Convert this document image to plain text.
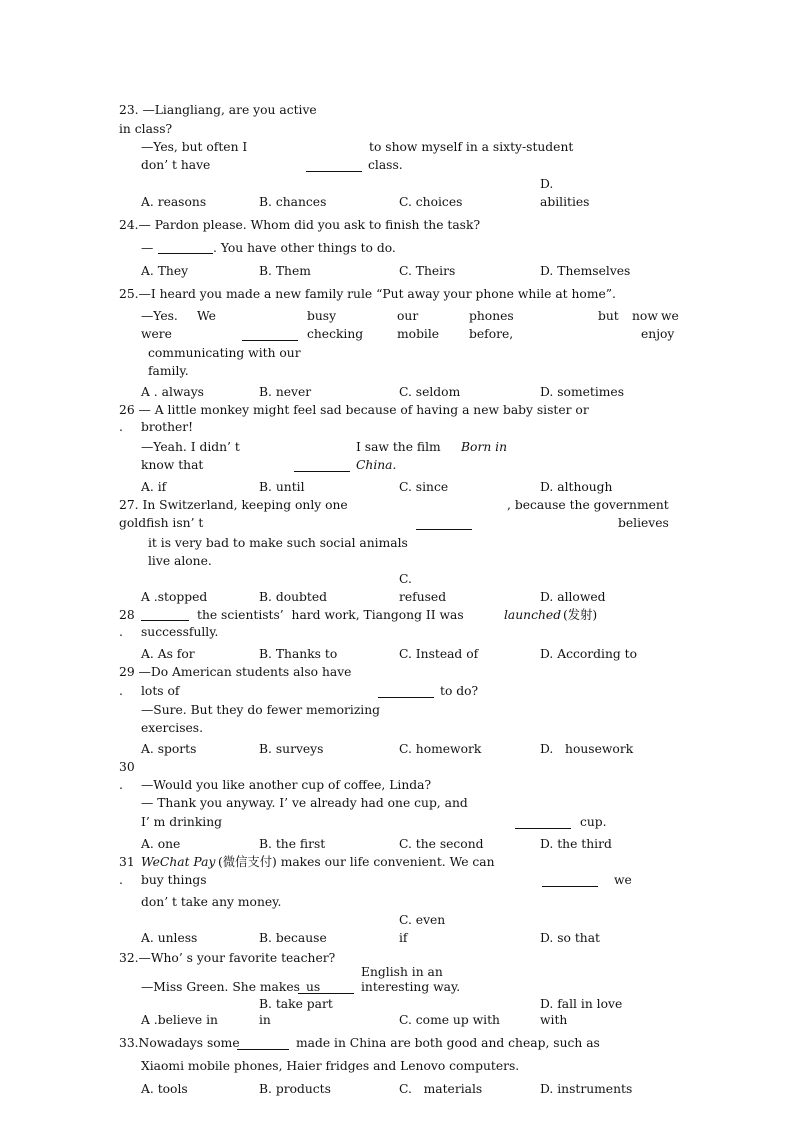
23. —Liangliang, are you active
in class?
—Yes, but often I	to show myself in a sixty-student
don’ t have	class.
D.
A. reasons	B. chances	C. choices	abilities
24.— Pardon please. Whom did you ask to finish the task?
—	. You have other things to do.
A. They	B. Them	C. Theirs	D. Themselves
25.—I heard you made a new family rule “Put away your phone while at home”.
—Yes. We	busy	our	phones	but now we
were	checking	mobile before,	enjoy
communicating with our
family.
A . always	B. never	C. seldom	D. sometimes
26 — A little monkey might feel sad because of having a new baby sister or
. brother!
—Yeah. I didn’ t	I saw the film Born in
know that	China.
A. if	B. until	C. since	D. although
27. In Switzerland, keeping only one	, because the government
goldfish isn’ t	believes
it is very bad to make such social animals
live alone.
C.
A .stopped	B. doubted	refused	D. allowed
28	the scientists’  hard work, Tiangong II was	launched (发射)
. successfully.
A. As for	B. Thanks to	C. Instead of	D. According to
29 —Do American students also have
. lots of	to do?
—Sure. But they do fewer memorizing
exercises.
A. sports	B. surveys	C. homework	D.   housework
30
. —Would you like another cup of coffee, Linda?
— Thank you anyway. I’ ve already had one cup, and
I’ m drinking	cup.
A. one	B. the first	C. the second	D. the third
31 WeChat Pay (微信支付) makes our life convenient. We can
. buy things	we
don’ t take any money.
C. even
A. unless	B. because	if	D. so that
32.—Who’ s your favorite teacher?
English in an
—Miss Green. She makes us	interesting way.
B. take part	D. fall in love
A .believe in	in	C. come up with	with
33.Nowadays some	made in China are both good and cheap, such as
Xiaomi mobile phones, Haier fridges and Lenovo computers.
A. tools	B. products	C.   materials	D. instruments
